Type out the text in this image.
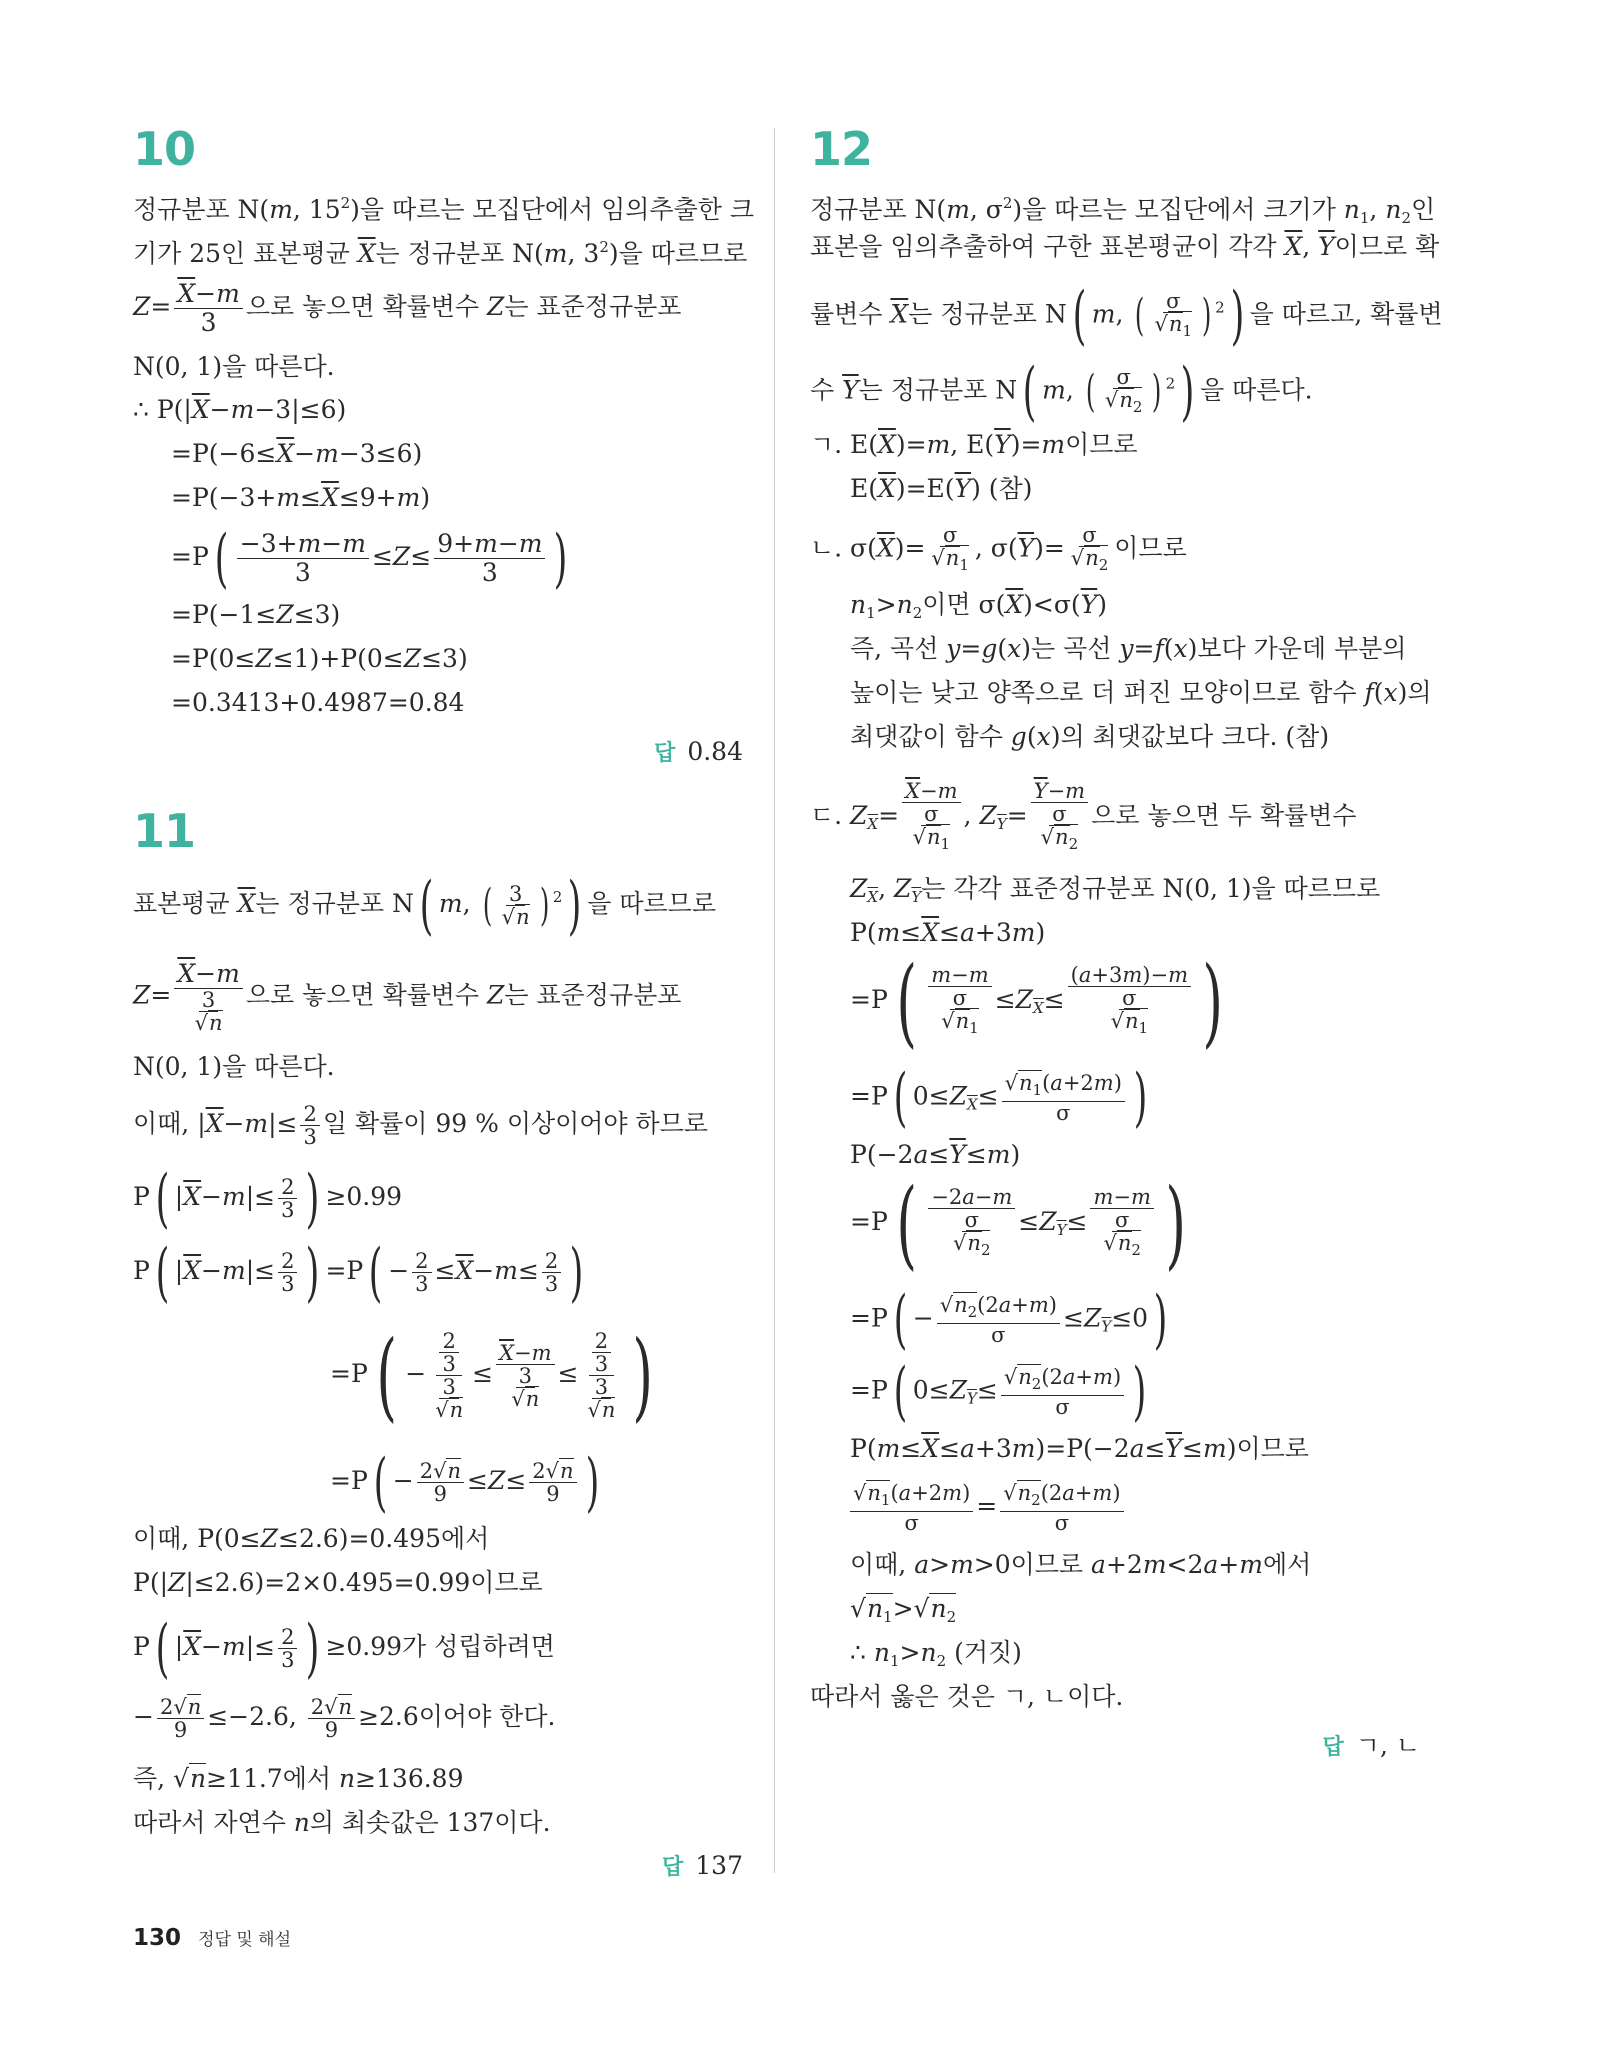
10
정규분포 N(m, $15^2$)을 따르는 모집단에서 임의추출한 크
기가 25인 표본평균 $\overline{X}$는 정규분포 N(m, $3^2$)을 따르므로
$Z= \frac{\overline{X}-m}{3}$ 으로 놓으면 확률변수 Z는 표준정규분포
N(0, 1)을 따른다.
∴ $P(|\overline{X}-m-3|\le 6)$
$=P(-6\le\overline{X}-m-3\le 6)$
$=P(-3+m\le\overline{X}\le 9+m)$
$=P( \frac{-3+m-m}{3} \le Z\le \frac{9+m-m}{3}$ )
=P(−1≤Z≤3)
=P(0≤Z≤1)+P(0≤Z≤3)
=0.3413+0.4987=0.84
답 0.84
11
표본평균 $\overline{X}$는 정규분포 N( m, ( $\frac{3}{√n}$ ) $^2$) 을 따르므로
$Z= \frac{\overline{X}-m}{\frac{3}{√n}}$ 으로 놓으면 확률변수 Z는 표준정규분포
N(0, 1)을 따른다.
이때, $|\overline{X}-m|\le \frac{2}{3}$ 일 확률이 99 % 이상이어야 하므로
P( $|\overline{X}-m|\le \frac{2}{3}$ ) ≥0.99
P( $|\overline{X}-m|\le \frac{2}{3}$ ) $=P( - \frac{2}{3} \le\overline{X}-m\le \frac{2}{3}$ )
$=P( - \frac{\frac{2}{3}}{\frac{3}{√n}} \le \frac{\overline{X}-m}{\frac{3}{√n}} \le \frac{\frac{2}{3}}{\frac{3}{√n}}$ )
$=P( - \frac{2√n}{9} \le Z\le \frac{2√n}{9}$ )
이때, P(0≤Z≤2.6)=0.495에서
P(|Z|≤2.6)=2×0.495=0.99이므로
P( $|\overline{X}-m|\le \frac{2}{3}$ ) ≥0.99가 성립하려면
− $\frac{2√n}{9} \le-2.6$, $\frac{2√n}{9} \ge 2.6$이어야 한다.
즉, √n≥11.7에서 n≥136.89
따라서 자연수 n의 최솟값은 137이다.
답 137
12
정규분포 N(m, $\sigma^2$)을 따르는 모집단에서 크기가 $n_1$, $n_2$인
표본을 임의추출하여 구한 표본평균이 각각 $\overline{X}$, $\overline{Y}$이므로 확
률변수 $\overline{X}$는 정규분포 N( m, ( $\frac{\sigma}{√n_1}$ ) $^2$) 을 따르고, 확률변
수 $\overline{Y}$는 정규분포 N( m, ( $\frac{\sigma}{√n_2}$ ) $^2$) 을 따른다.
ㄱ. $E(\overline{X})=m$, $E(\overline{Y})=m$이므로
$E(\overline{X})=E(\overline{Y})$ (참)
ㄴ. $\sigma(\overline{X})= \frac{\sigma}{√n_1}$ , $\sigma(\overline{Y})= \frac{\sigma}{√n_2}$ 이므로
$n_1>n_2$이면 $\sigma(\overline{X})<\sigma(\overline{Y})$
즉, 곡선 y=g(x)는 곡선 y=f(x)보다 가운데 부분의
높이는 낮고 양쪽으로 더 퍼진 모양이므로 함수 f(x)의
최댓값이 함수 g(x)의 최댓값보다 크다. (참)
ㄷ. $Z_{\overline{X}}= \frac{\overline{X}-m}{\frac{\sigma}{√n_1}}$ , $Z_{\overline{Y}}= \frac{\overline{Y}-m}{\frac{\sigma}{√n_2}}$ 으로 놓으면 두 확률변수
$Z_{\overline{X}}$, $Z_{\overline{Y}}$는 각각 표준정규분포 N(0, 1)을 따르므로
$P(m\le\overline{X}\le a+3m)$
$=P( \frac{m-m}{\frac{\sigma}{√n_1}} \le Z_{\overline{X}}\le \frac{(a+3m)-m}{\frac{\sigma}{√n_1}}$ )
=P( $0\le Z_{\overline{X}}\le \frac{√n_1(a+2m)}{\sigma}$ )
$P(-2a\le\overline{Y}\le m)$
$=P( \frac{-2a-m}{\frac{\sigma}{√n_2}} \le Z_{\overline{Y}}\le \frac{m-m}{\frac{\sigma}{√n_2}}$ )
$=P( - \frac{√n_2(2a+m)}{\sigma} \le Z_{\overline{Y}}\le 0)$
=P( $0\le Z_{\overline{Y}}\le \frac{√n_2(2a+m)}{\sigma}$ )
$P(m\le\overline{X}\le a+3m)=P(-2a\le\overline{Y}\le m)$이므로
$\frac{√n_1(a+2m)}{\sigma} = \frac{√n_2(2a+m)}{\sigma}$
이때, a>m>0이므로 a+2m<2a+m에서
$√n_1>√n_2$
∴ $n_1>n_2$ (거짓)
따라서 옳은 것은 ㄱ, ㄴ이다.
답 ㄱ, ㄴ
130 정답 및 해설
